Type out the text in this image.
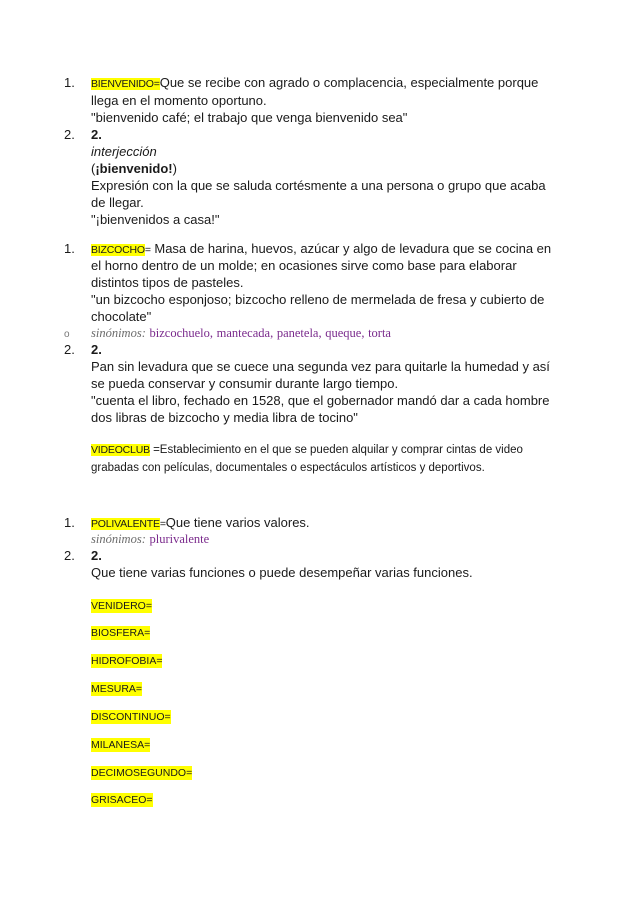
1.	BIENVENIDO=Que se recibe con agrado o complacencia, especialmente porque
llega en el momento oportuno.
"bienvenido café; el trabajo que venga bienvenido sea"
2.	2.
interjección
(¡bienvenido!)
Expresión con la que se saluda cortésmente a una persona o grupo que acaba
de llegar.
"¡bienvenidos a casa!"
1.	BIZCOCHO= Masa de harina, huevos, azúcar y algo de levadura que se cocina en
el horno dentro de un molde; en ocasiones sirve como base para elaborar
distintos tipos de pasteles.
"un bizcocho esponjoso; bizcocho relleno de mermelada de fresa y cubierto de
chocolate"
sinónimos: bizcochuelo, mantecada, panetela, queque, torta
o
2.	2.
Pan sin levadura que se cuece una segunda vez para quitarle la humedad y así
se pueda conservar y consumir durante largo tiempo.
"cuenta el libro, fechado en 1528, que el gobernador mandó dar a cada hombre
dos libras de bizcocho y media libra de tocino"
VIDEOCLUB =Establecimiento en el que se pueden alquilar y comprar cintas de video
grabadas con películas, documentales o espectáculos artísticos y deportivos.
1.	POLIVALENTE=Que tiene varios valores.
sinónimos: plurivalente
2.	2.
Que tiene varias funciones o puede desempeñar varias funciones.
VENIDERO=
BIOSFERA=
HIDROFOBIA=
MESURA=
DISCONTINUO=
MILANESA=
DECIMOSEGUNDO=
GRISACEO=
